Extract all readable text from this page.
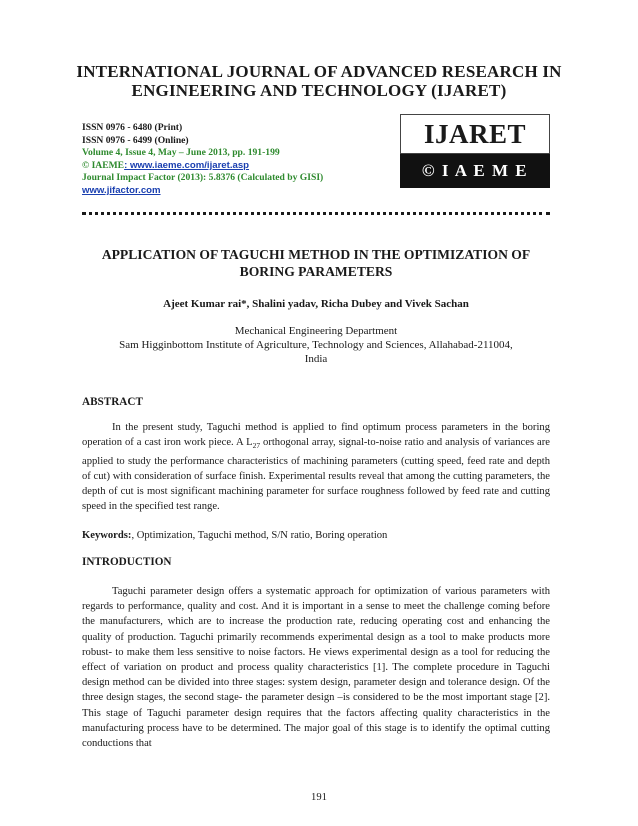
INTERNATIONAL JOURNAL OF ADVANCED RESEARCH IN
ENGINEERING AND TECHNOLOGY (IJARET)
ISSN 0976 - 6480 (Print)
ISSN 0976 - 6499 (Online)
Volume 4, Issue 4, May – June 2013, pp. 191-199
© IAEME: www.iaeme.com/ijaret.asp
Journal Impact Factor (2013): 5.8376 (Calculated by GISI)
www.jifactor.com
IJARET
© I A E M E
APPLICATION OF TAGUCHI METHOD IN THE OPTIMIZATION OF
BORING PARAMETERS
Ajeet Kumar rai*, Shalini yadav, Richa Dubey and Vivek Sachan
Mechanical Engineering Department
Sam Higginbottom Institute of Agriculture, Technology and Sciences, Allahabad-211004,
India
ABSTRACT
In the present study, Taguchi method is applied to find optimum process parameters in the boring operation of a cast iron work piece. A $L_{27}$ orthogonal array, signal-to-noise ratio and analysis of variances are applied to study the performance characteristics of machining parameters (cutting speed, feed rate and depth of cut) with consideration of surface finish. Experimental results reveal that among the cutting parameters, the depth of cut is most significant machining parameter for surface roughness followed by feed rate and cutting speed in the specified test range.
Keywords:, Optimization, Taguchi method, S/N ratio, Boring operation
INTRODUCTION
Taguchi parameter design offers a systematic approach for optimization of various parameters with regards to performance, quality and cost. And it is important in a sense to meet the challenge coming before the manufacturers, which are to increase the production rate, reducing operating cost and enhancing the quality of production. Taguchi primarily recommends experimental design as a tool to make products more robust- to make them less sensitive to noise factors. He views experimental design as a tool for reducing the effect of variation on product and process quality characteristics [1]. The complete procedure in Taguchi design method can be divided into three stages: system design, parameter design and tolerance design. Of the three design stages, the second stage- the parameter design –is considered to be the most important stage [2]. This stage of Taguchi parameter design requires that the factors affecting quality characteristics in the manufacturing process have to be determined. The major goal of this stage is to identify the optimal cutting conductions that
191
